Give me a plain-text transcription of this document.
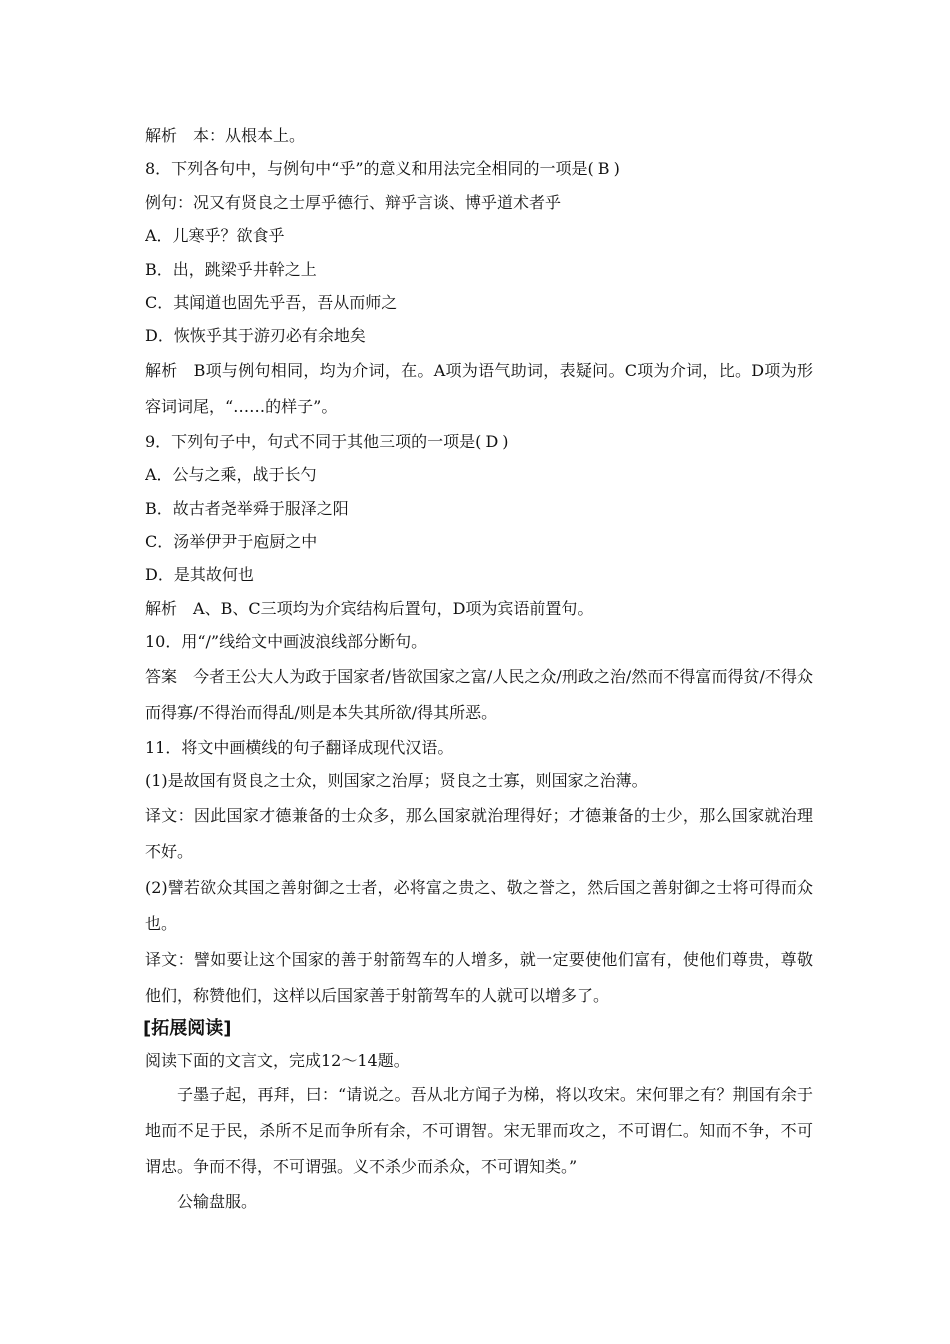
解析 本：从根本上。
8．下列各句中，与例句中“乎”的意义和用法完全相同的一项是( B )
例句：况又有贤良之士厚乎德行、辩乎言谈、博乎道术者乎
A．儿寒乎？欲食乎
B．出，跳梁乎井幹之上
C．其闻道也固先乎吾，吾从而师之
D．恢恢乎其于游刃必有余地矣
解析 B项与例句相同，均为介词，在。A项为语气助词，表疑问。C项为介词，比。D项为形容词词尾，“……的样子”。
9．下列句子中，句式不同于其他三项的一项是( D )
A．公与之乘，战于长勺
B．故古者尧举舜于服泽之阳
C．汤举伊尹于庖厨之中
D．是其故何也
解析 A、B、C三项均为介宾结构后置句，D项为宾语前置句。
10．用“/”线给文中画波浪线部分断句。
答案 今者王公大人为政于国家者/皆欲国家之富/人民之众/刑政之治/然而不得富而得贫/不得众而得寡/不得治而得乱/则是本失其所欲/得其所恶。
11．将文中画横线的句子翻译成现代汉语。
(1)是故国有贤良之士众，则国家之治厚；贤良之士寡，则国家之治薄。
译文：因此国家才德兼备的士众多，那么国家就治理得好；才德兼备的士少，那么国家就治理不好。
(2)譬若欲众其国之善射御之士者，必将富之贵之、敬之誉之，然后国之善射御之士将可得而众也。
译文：譬如要让这个国家的善于射箭驾车的人增多，就一定要使他们富有，使他们尊贵，尊敬他们，称赞他们，这样以后国家善于射箭驾车的人就可以增多了。
[拓展阅读]
阅读下面的文言文，完成12～14题。
子墨子起，再拜，曰：“请说之。吾从北方闻子为梯，将以攻宋。宋何罪之有？荆国有余于地而不足于民，杀所不足而争所有余，不可谓智。宋无罪而攻之，不可谓仁。知而不争，不可谓忠。争而不得，不可谓强。义不杀少而杀众，不可谓知类。”
公输盘服。
